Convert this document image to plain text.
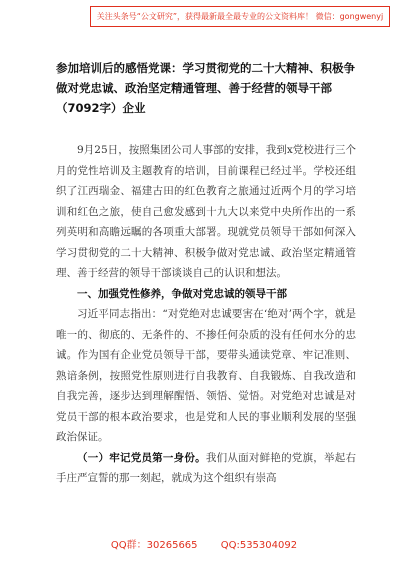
关注头条号“公文研究”，获得最新最全最专业的公文资料库！ 微信：gongwenyj
参加培训后的感悟党课：学习贯彻党的二十大精神、积极争做对党忠诚、政治坚定精通管理、善于经营的领导干部（7092字）企业

9月25日，按照集团公司人事部的安排，我到x党校进行三个月的党性培训及主题教育的培训，目前课程已经过半。学校还组织了江西瑞金、福建古田的红色教育之旅通过近两个月的学习培训和红色之旅，使自己愈发感到十九大以来党中央所作出的一系列英明和高瞻远瞩的各项重大部署。现就党员领导干部如何深入学习贯彻党的二十大精神、积极争做对党忠诚、政治坚定精通管理、善于经营的领导干部谈谈自己的认识和想法。

一、加强党性修养，争做对党忠诚的领导干部

习近平同志指出：“对党绝对忠诚要害在‘绝对’两个字，就是唯一的、彻底的、无条件的、不掺任何杂质的没有任何水分的忠诚。作为国有企业党员领导干部，要带头通读党章、牢记准则、熟谙条例，按照党性原则进行自我教育、自我锻炼、自我改造和自我完善，逐步达到理解醒悟、领悟、觉悟。对党绝对忠诚是对党员干部的根本政治要求，也是党和人民的事业顺利发展的坚强政治保证。

（一）牢记党员第一身份。我们从面对鲜艳的党旗，举起右手庄严宣誓的那一刻起，就成为这个组织有崇高

QQ群：30265665 QQ:535304092
